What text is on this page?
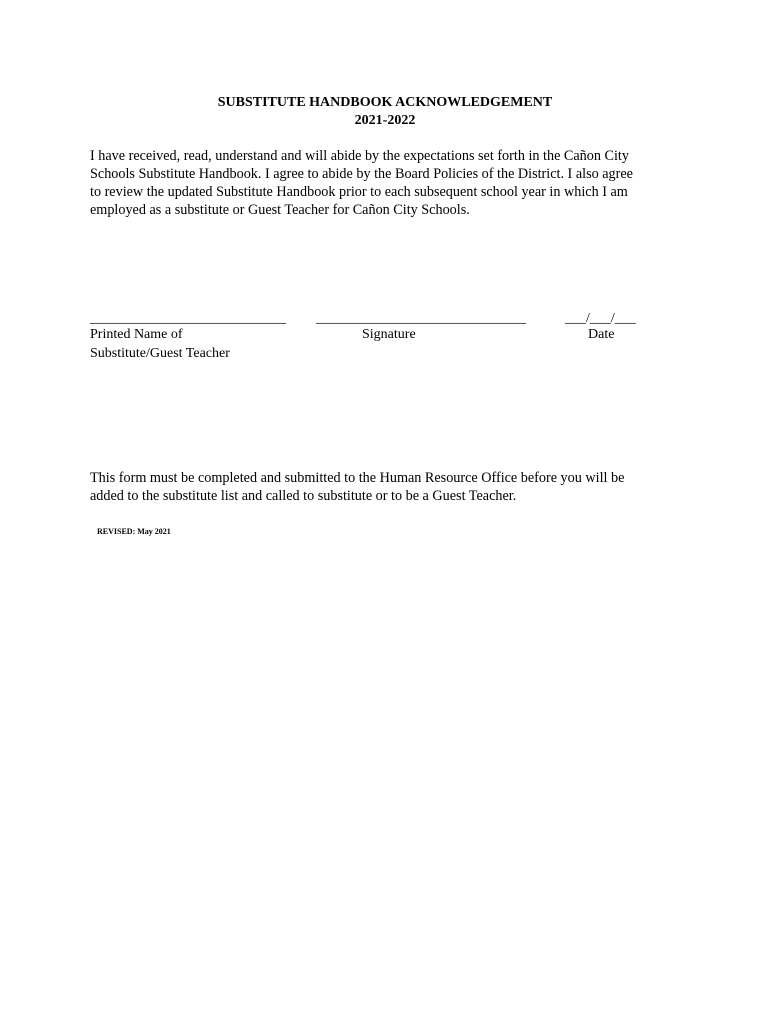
SUBSTITUTE HANDBOOK ACKNOWLEDGEMENT
2021-2022

I have received, read, understand and will abide by the expectations set forth in the Cañon City
Schools Substitute Handbook. I agree to abide by the Board Policies of the District. I also agree
to review the updated Substitute Handbook prior to each subsequent school year in which I am
employed as a substitute or Guest Teacher for Cañon City Schools.

____________________________ ______________________________	___/___/___
Printed Name of
Substitute/Guest Teacher
Signature	Date

This form must be completed and submitted to the Human Resource Office before you will be
added to the substitute list and called to substitute or to be a Guest Teacher.

REVISED: May 2021
